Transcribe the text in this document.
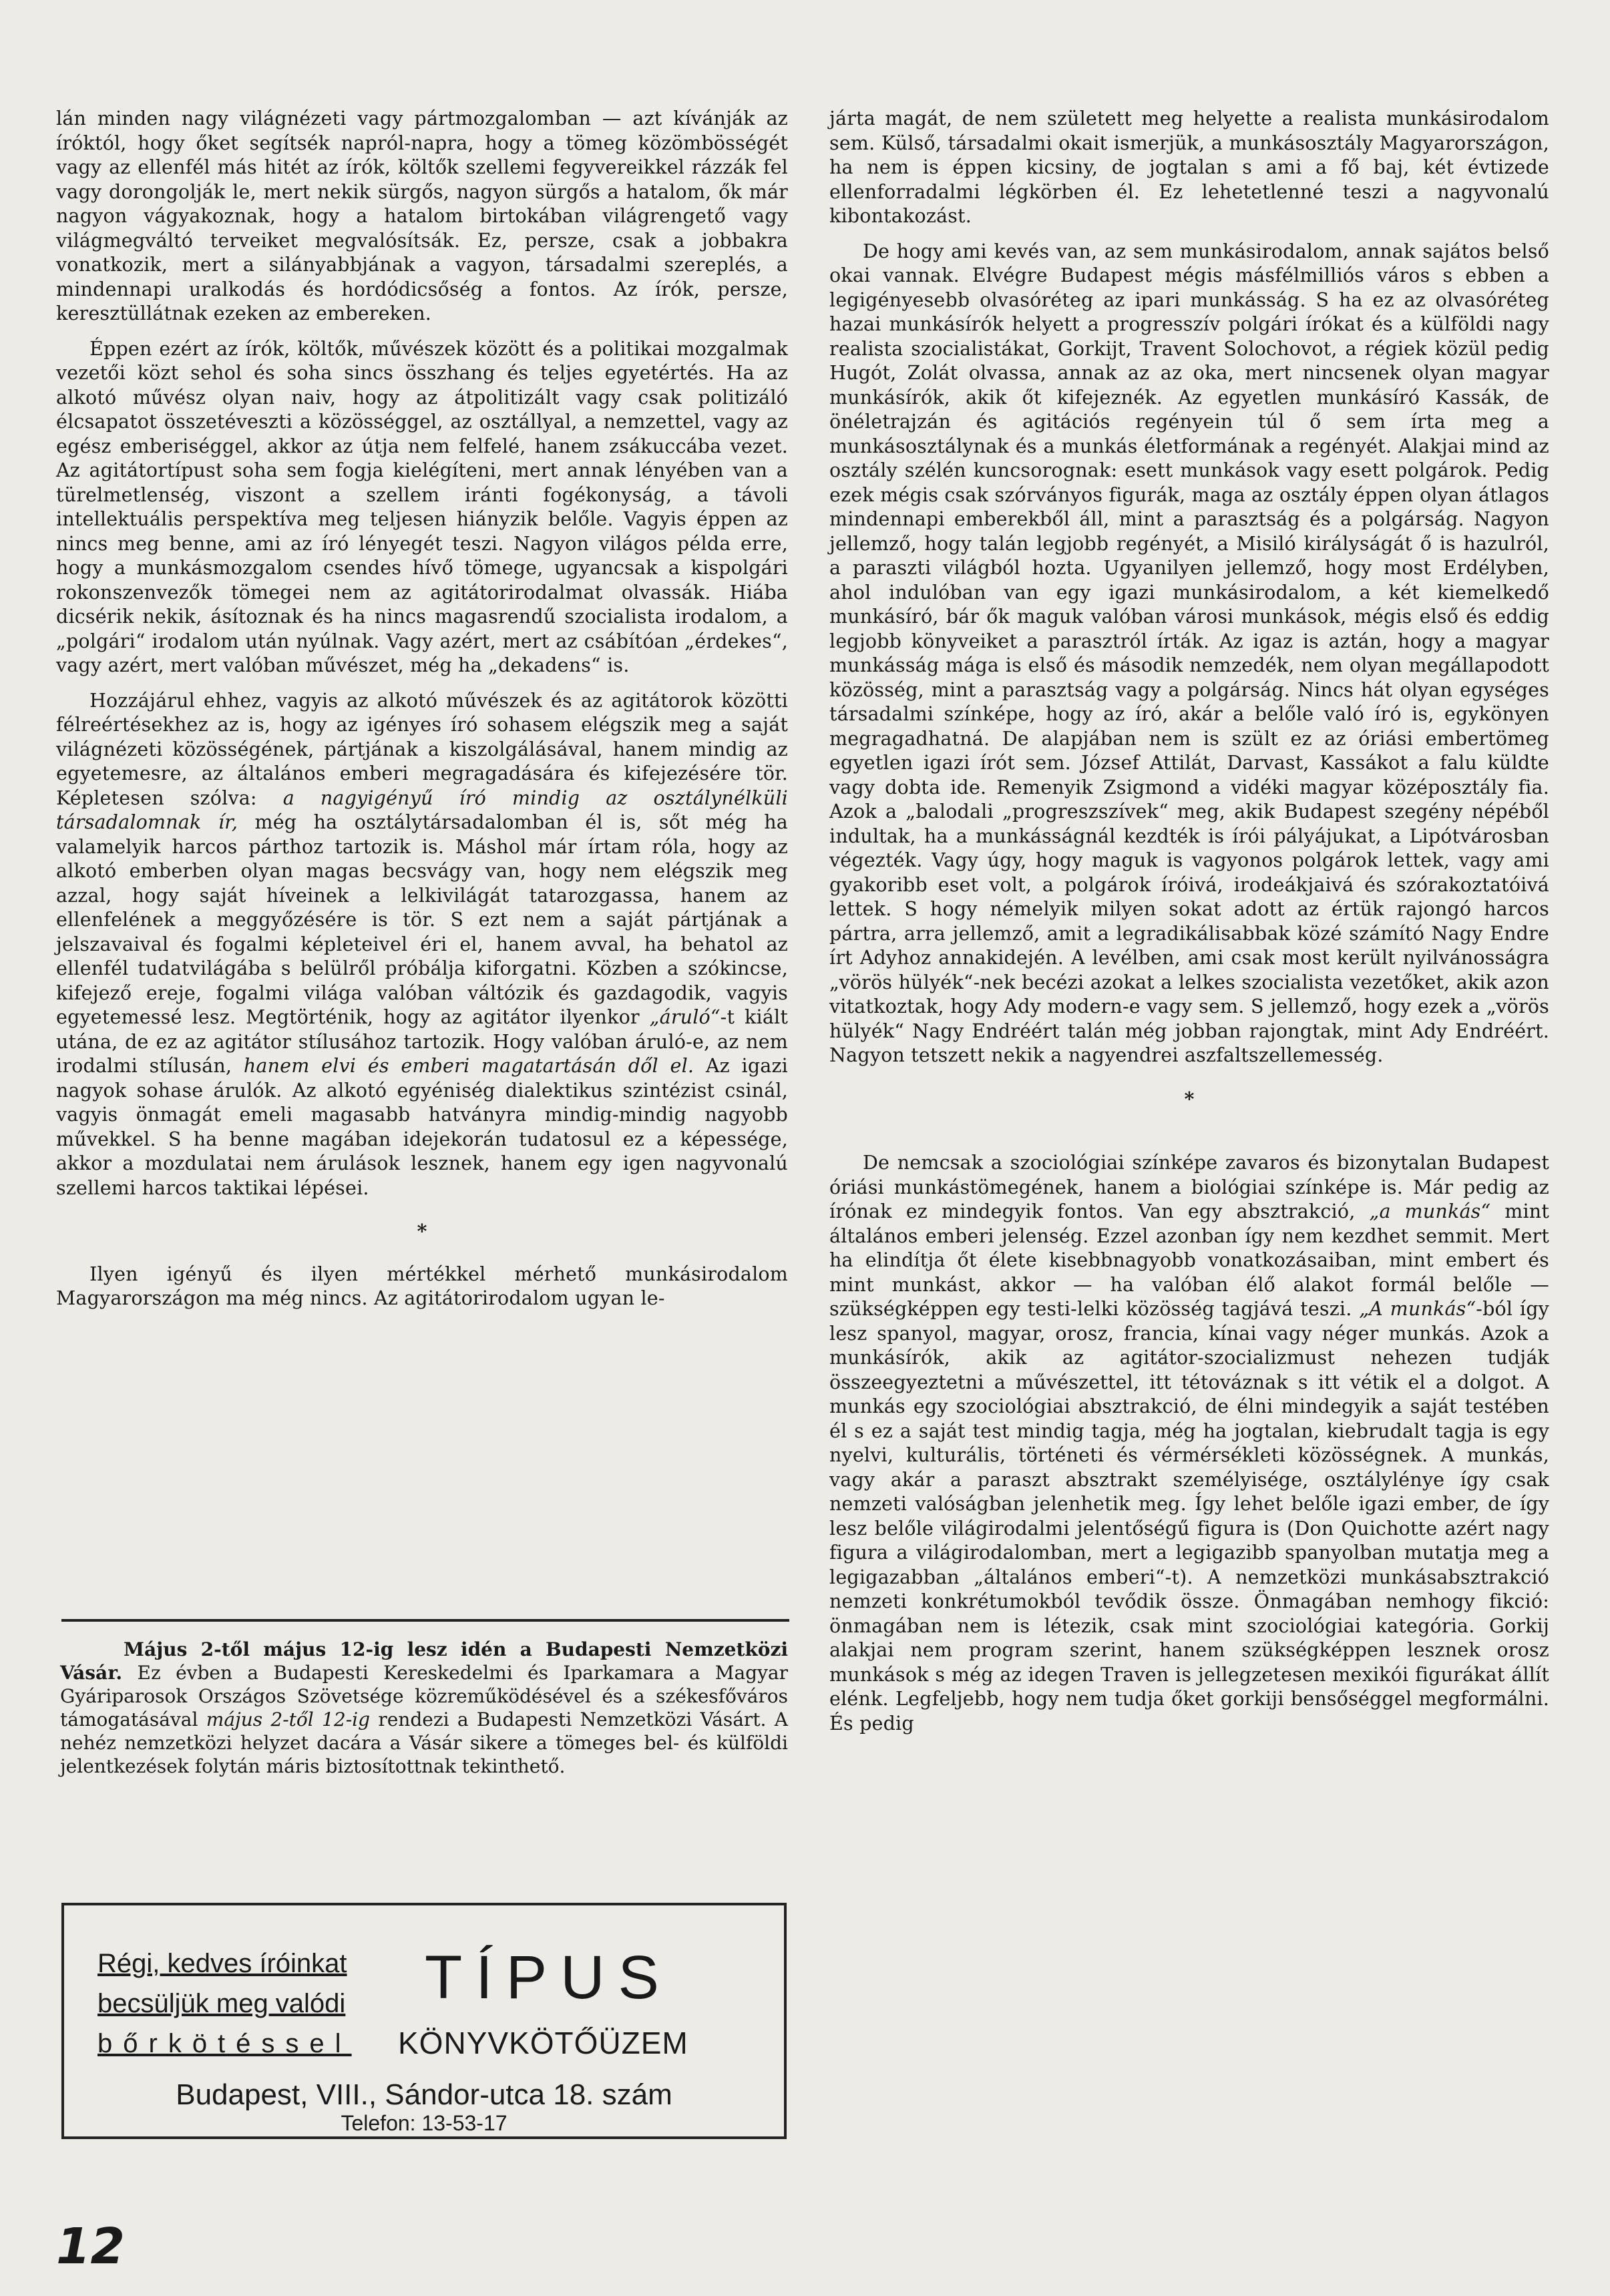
lán minden nagy világnézeti vagy pártmozgalomban — azt kívánják az íróktól, hogy őket segítsék napról-napra, hogy a tömeg közömbösségét vagy az ellenfél más hitét az írók, költők szellemi fegyvereikkel rázzák fel vagy dorongolják le, mert nekik sürgős, nagyon sürgős a hatalom, ők már nagyon vágyakoznak, hogy a hatalom birtokában világrengető vagy világmegváltó terveiket megvalósítsák. Ez, persze, csak a jobbakra vonatkozik, mert a silányabbjának a vagyon, társadalmi szereplés, a mindennapi uralkodás és hordódicsőség a fontos. Az írók, persze, keresztüllátnak ezeken az embereken.

Éppen ezért az írók, költők, művészek között és a politikai mozgalmak vezetői közt sehol és soha sincs összhang és teljes egyetértés. Ha az alkotó művész olyan naiv, hogy az átpolitizált vagy csak politizáló élcsapatot összetéveszti a közösséggel, az osztállyal, a nemzettel, vagy az egész emberiséggel, akkor az útja nem felfelé, hanem zsákuccába vezet. Az agitátortípust soha sem fogja kielégíteni, mert annak lényében van a türelmetlenség, viszont a szellem iránti fogékonyság, a távoli intellektuális perspektíva meg teljesen hiányzik belőle. Vagyis éppen az nincs meg benne, ami az író lényegét teszi. Nagyon világos példa erre, hogy a munkásmozgalom csendes hívő tömege, ugyancsak a kispolgári rokonszenvezők tömegei nem az agitátorirodalmat olvassák. Hiába dicsérik nekik, ásítoznak és ha nincs magasrendű szocialista irodalom, a „polgári“ irodalom után nyúlnak. Vagy azért, mert az csábítóan „érdekes“, vagy azért, mert valóban művészet, még ha „dekadens“ is.

Hozzájárul ehhez, vagyis az alkotó művészek és az agitátorok közötti félreértésekhez az is, hogy az igényes író sohasem elégszik meg a saját világnézeti közösségének, pártjának a kiszolgálásával, hanem mindig az egyetemesre, az általános emberi megragadására és kifejezésére tör. Képletesen szólva: a nagyigényű író mindig az osztálynélküli társadalomnak ír, még ha osztálytársadalomban él is, sőt még ha valamelyik harcos párthoz tartozik is. Máshol már írtam róla, hogy az alkotó emberben olyan magas becsvágy van, hogy nem elégszik meg azzal, hogy saját híveinek a lelkivilágát tatarozgassa, hanem az ellenfelének a meggyőzésére is tör. S ezt nem a saját pártjának a jelszavaival és fogalmi képleteivel éri el, hanem avval, ha behatol az ellenfél tudatvilágába s belülről próbálja kiforgatni. Közben a szókincse, kifejező ereje, fogalmi világa valóban váltózik és gazdagodik, vagyis egyetemessé lesz. Megtörténik, hogy az agitátor ilyenkor „áruló“-t kiált utána, de ez az agitátor stílusához tartozik. Hogy valóban áruló-e, az nem irodalmi stílusán, hanem elvi és emberi magatartásán dől el. Az igazi nagyok sohase árulók. Az alkotó egyéniség dialektikus szintézist csinál, vagyis önmagát emeli magasabb hatványra mindig-mindig nagyobb művekkel. S ha benne magában idejekorán tudatosul ez a képessége, akkor a mozdulatai nem árulások lesznek, hanem egy igen nagyvonalú szellemi harcos taktikai lépései.

*

Ilyen igényű és ilyen mértékkel mérhető munkásirodalom Magyarországon ma még nincs. Az agitátorirodalom ugyan le-

járta magát, de nem született meg helyette a realista munkásirodalom sem. Külső, társadalmi okait ismerjük, a munkásosztály Magyarországon, ha nem is éppen kicsiny, de jogtalan s ami a fő baj, két évtizede ellenforradalmi légkörben él. Ez lehetetlenné teszi a nagyvonalú kibontakozást.

De hogy ami kevés van, az sem munkásirodalom, annak sajátos belső okai vannak. Elvégre Budapest mégis másfélmilliós város s ebben a legigényesebb olvasóréteg az ipari munkásság. S ha ez az olvasóréteg hazai munkásírók helyett a progresszív polgári írókat és a külföldi nagy realista szocialistákat, Gorkijt, Travent Solochovot, a régiek közül pedig Hugót, Zolát olvassa, annak az az oka, mert nincsenek olyan magyar munkásírók, akik őt kifejeznék. Az egyetlen munkásíró Kassák, de önéletrajzán és agitációs regényein túl ő sem írta meg a munkásosztálynak és a munkás életformának a regényét. Alakjai mind az osztály szélén kuncsorognak: esett munkások vagy esett polgárok. Pedig ezek mégis csak szórványos figurák, maga az osztály éppen olyan átlagos mindennapi emberekből áll, mint a parasztság és a polgárság. Nagyon jellemző, hogy talán legjobb regényét, a Misiló királyságát ő is hazulról, a paraszti világból hozta. Ugyanilyen jellemző, hogy most Erdélyben, ahol indulóban van egy igazi munkásirodalom, a két kiemelkedő munkásíró, bár ők maguk valóban városi munkások, mégis első és eddig legjobb könyveiket a parasztról írták. Az igaz is aztán, hogy a magyar munkásság mága is első és második nemzedék, nem olyan megállapodott közösség, mint a parasztság vagy a polgárság. Nincs hát olyan egységes társadalmi színképe, hogy az író, akár a belőle való író is, egykönyen megragadhatná. De alapjában nem is szült ez az óriási embertömeg egyetlen igazi írót sem. József Attilát, Darvast, Kassákot a falu küldte vagy dobta ide. Remenyik Zsigmond a vidéki magyar középosztály fia. Azok a „balodali „progreszszívek“ meg, akik Budapest szegény népéből indultak, ha a munkásságnál kezdték is írói pályájukat, a Lipótvárosban végezték. Vagy úgy, hogy maguk is vagyonos polgárok lettek, vagy ami gyakoribb eset volt, a polgárok íróivá, irodeákjaivá és szórakoztatóivá lettek. S hogy némelyik milyen sokat adott az értük rajongó harcos pártra, arra jellemző, amit a legradikálisabbak közé számító Nagy Endre írt Adyhoz annakidején. A levélben, ami csak most került nyilvánosságra „vörös hülyék“-nek becézi azokat a lelkes szocialista vezetőket, akik azon vitatkoztak, hogy Ady modern-e vagy sem. S jellemző, hogy ezek a „vörös hülyék“ Nagy Endréért talán még jobban rajongtak, mint Ady Endréért. Nagyon tetszett nekik a nagyendrei aszfaltszellemesség.

*

De nemcsak a szociológiai színképe zavaros és bizonytalan Budapest óriási munkástömegének, hanem a biológiai színképe is. Már pedig az írónak ez mindegyik fontos. Van egy absztrakció, „a munkás“ mint általános emberi jelenség. Ezzel azonban így nem kezdhet semmit. Mert ha elindítja őt élete kisebbnagyobb vonatkozásaiban, mint embert és mint munkást, akkor — ha valóban élő alakot formál belőle — szükségképpen egy testi-lelki közösség tagjává teszi. „A munkás“-ból így lesz spanyol, magyar, orosz, francia, kínai vagy néger munkás. Azok a munkásírók, akik az agitátor-szocializmust nehezen tudják összeegyeztetni a művészettel, itt tétováznak s itt vétik el a dolgot. A munkás egy szociológiai absztrakció, de élni mindegyik a saját testében él s ez a saját test mindig tagja, még ha jogtalan, kiebrudalt tagja is egy nyelvi, kulturális, történeti és vérmérsékleti közösségnek. A munkás, vagy akár a paraszt absztrakt személyisége, osztálylénye így csak nemzeti valóságban jelenhetik meg. Így lehet belőle igazi ember, de így lesz belőle világirodalmi jelentőségű figura is (Don Quichotte azért nagy figura a világirodalomban, mert a legigazibb spanyolban mutatja meg a legigazabban „általános emberi“-t). A nemzetközi munkásabsztrakció nemzeti konkrétumokból tevődik össze. Önmagában nemhogy fikció: önmagában nem is létezik, csak mint szociológiai kategória. Gorkij alakjai nem program szerint, hanem szükségképpen lesznek orosz munkások s még az idegen Traven is jellegzetesen mexikói figurákat állít elénk. Legfeljebb, hogy nem tudja őket gorkiji bensőséggel megformálni. És pedig

Május 2-től május 12-ig lesz idén a Budapesti Nemzetközi Vásár. Ez évben a Budapesti Kereskedelmi és Iparkamara a Magyar Gyáriparosok Országos Szövetsége közreműködésével és a székesfőváros támogatásával május 2-től 12-ig rendezi a Budapesti Nemzetközi Vásárt. A nehéz nemzetközi helyzet dacára a Vásár sikere a tömeges bel- és külföldi jelentkezések folytán máris biztosítottnak tekinthető.

Régi, kedves íróinkat
becsüljük meg valódi
bőrkötéssel
TÍPUS
KÖNYVKÖTŐÜZEM
Budapest, VIII., Sándor-utca 18. szám
Telefon: 13-53-17
12
